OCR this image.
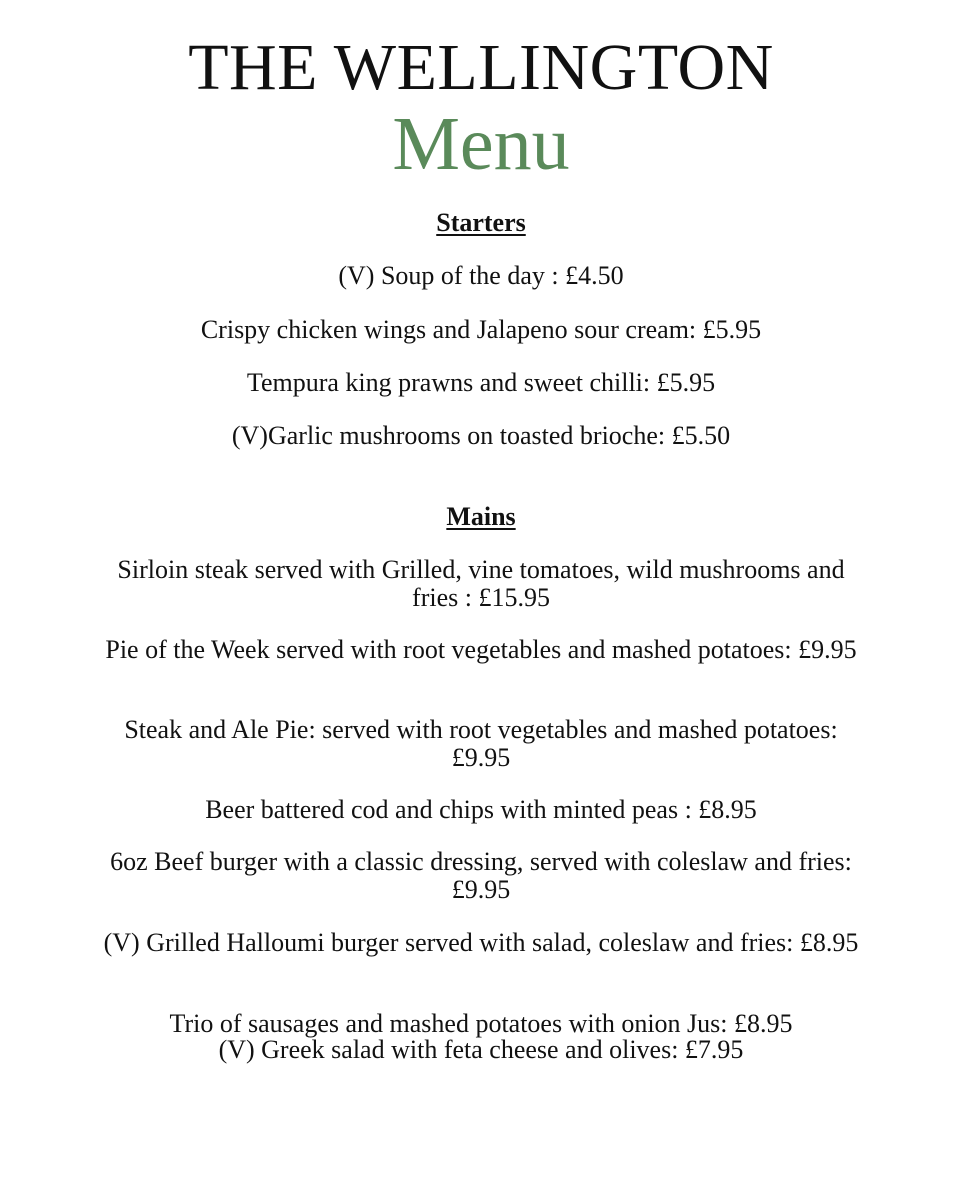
THE WELLINGTON
Menu
Starters
(V) Soup of the day : £4.50
Crispy chicken wings and Jalapeno sour cream: £5.95
Tempura king prawns and sweet chilli: £5.95
(V)Garlic mushrooms on toasted brioche: £5.50
Mains
Sirloin steak served with Grilled, vine tomatoes, wild mushrooms and fries : £15.95
Pie of the Week served with root vegetables and mashed potatoes: £9.95
Steak and Ale Pie: served with root vegetables and mashed potatoes: £9.95
Beer battered cod and chips with minted peas : £8.95
6oz Beef burger with a classic dressing, served with coleslaw and fries: £9.95
(V) Grilled Halloumi burger served with salad, coleslaw and fries: £8.95
Trio of sausages and mashed potatoes with onion Jus: £8.95
(V) Greek salad with feta cheese and olives: £7.95
